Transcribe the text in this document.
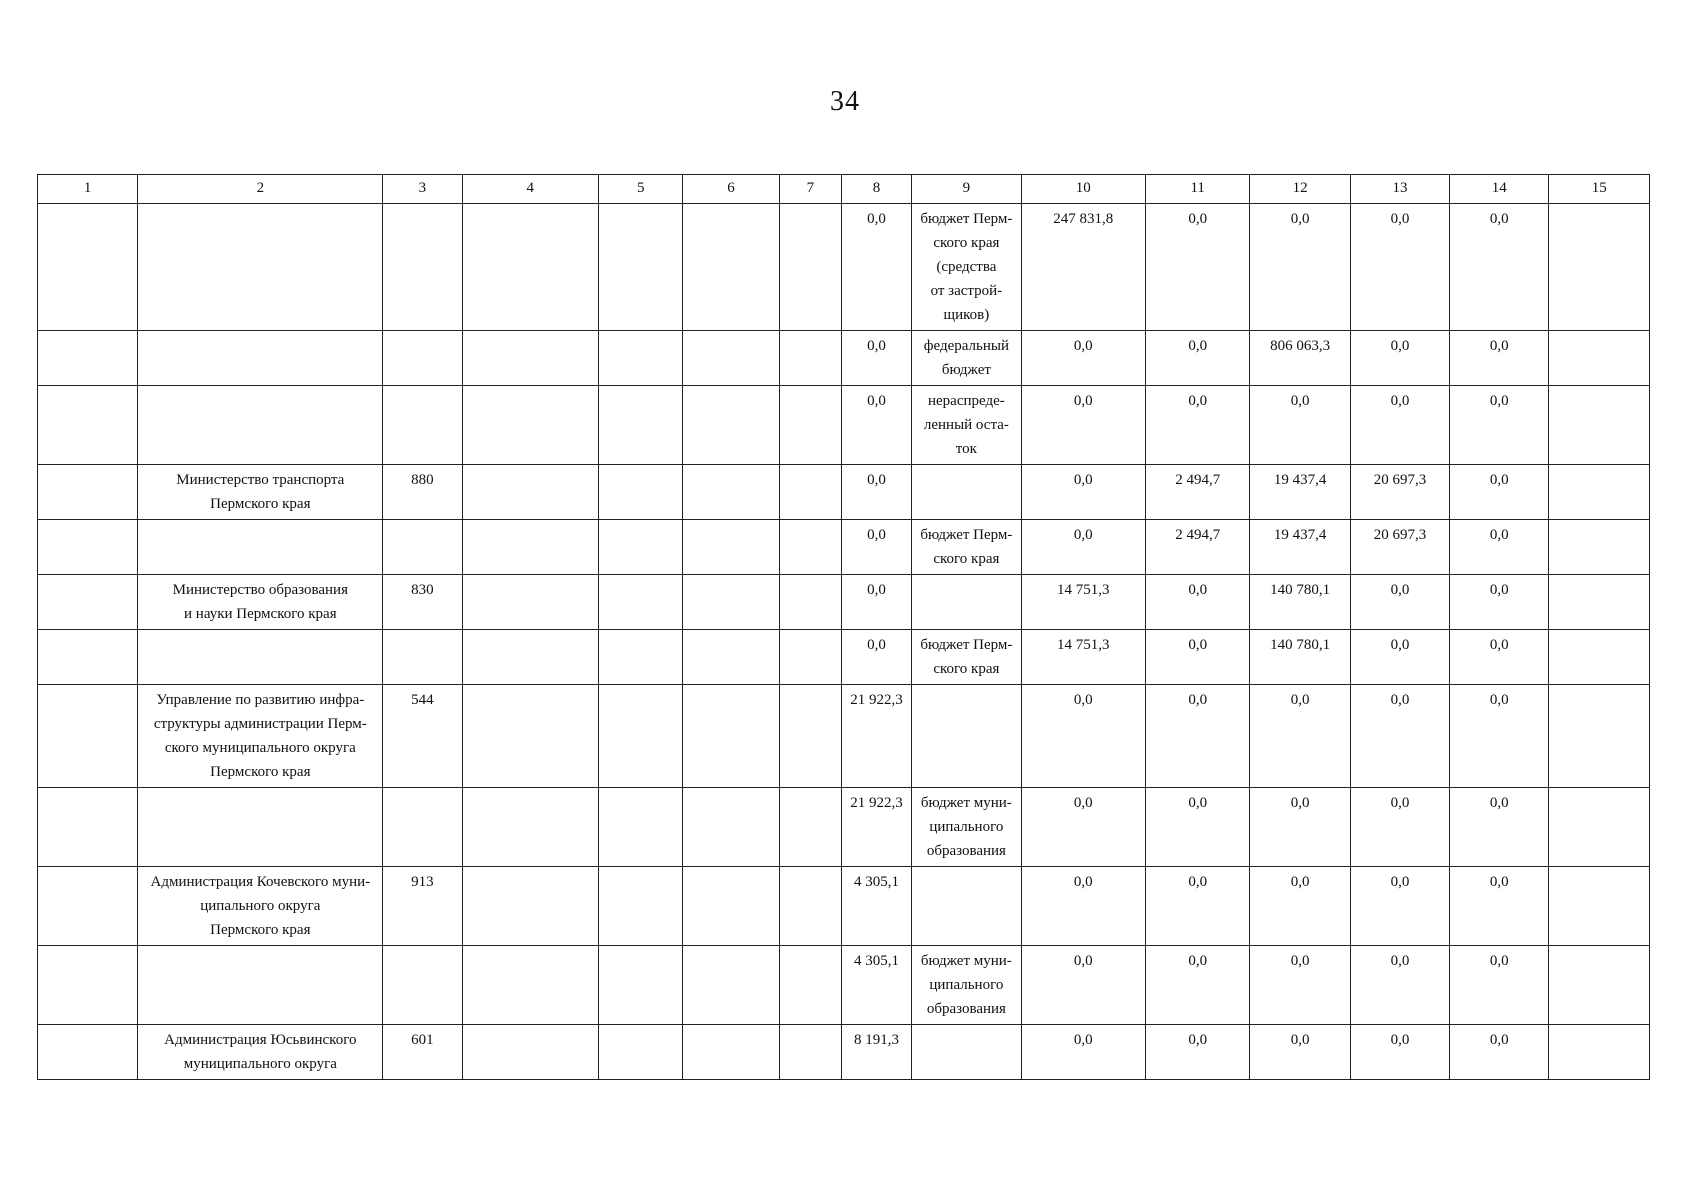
34
1	2	3	4	5	6	7	8	9	10	11	12	13	14	15
							0,0	бюджет Перм-
ского края
(средства
от застрой-
щиков)	247 831,8	0,0	0,0	0,0	0,0	
							0,0	федеральный
бюджет	0,0	0,0	806 063,3	0,0	0,0	
							0,0	нераспреде-
ленный оста-
ток	0,0	0,0	0,0	0,0	0,0	
	Министерство транспорта
Пермского края	880					0,0		0,0	2 494,7	19 437,4	20 697,3	0,0	
							0,0	бюджет Перм-
ского края	0,0	2 494,7	19 437,4	20 697,3	0,0	
	Министерство образования
и науки Пермского края	830					0,0		14 751,3	0,0	140 780,1	0,0	0,0	
							0,0	бюджет Перм-
ского края	14 751,3	0,0	140 780,1	0,0	0,0	
	Управление по развитию инфра-
структуры администрации Перм-
ского муниципального округа
Пермского края	544					21 922,3		0,0	0,0	0,0	0,0	0,0	
							21 922,3	бюджет муни-
ципального
образования	0,0	0,0	0,0	0,0	0,0	
	Администрация Кочевского муни-
ципального округа
Пермского края	913					4 305,1		0,0	0,0	0,0	0,0	0,0	
							4 305,1	бюджет муни-
ципального
образования	0,0	0,0	0,0	0,0	0,0	
	Администрация Юсьвинского
муниципального округа	601					8 191,3		0,0	0,0	0,0	0,0	0,0	
